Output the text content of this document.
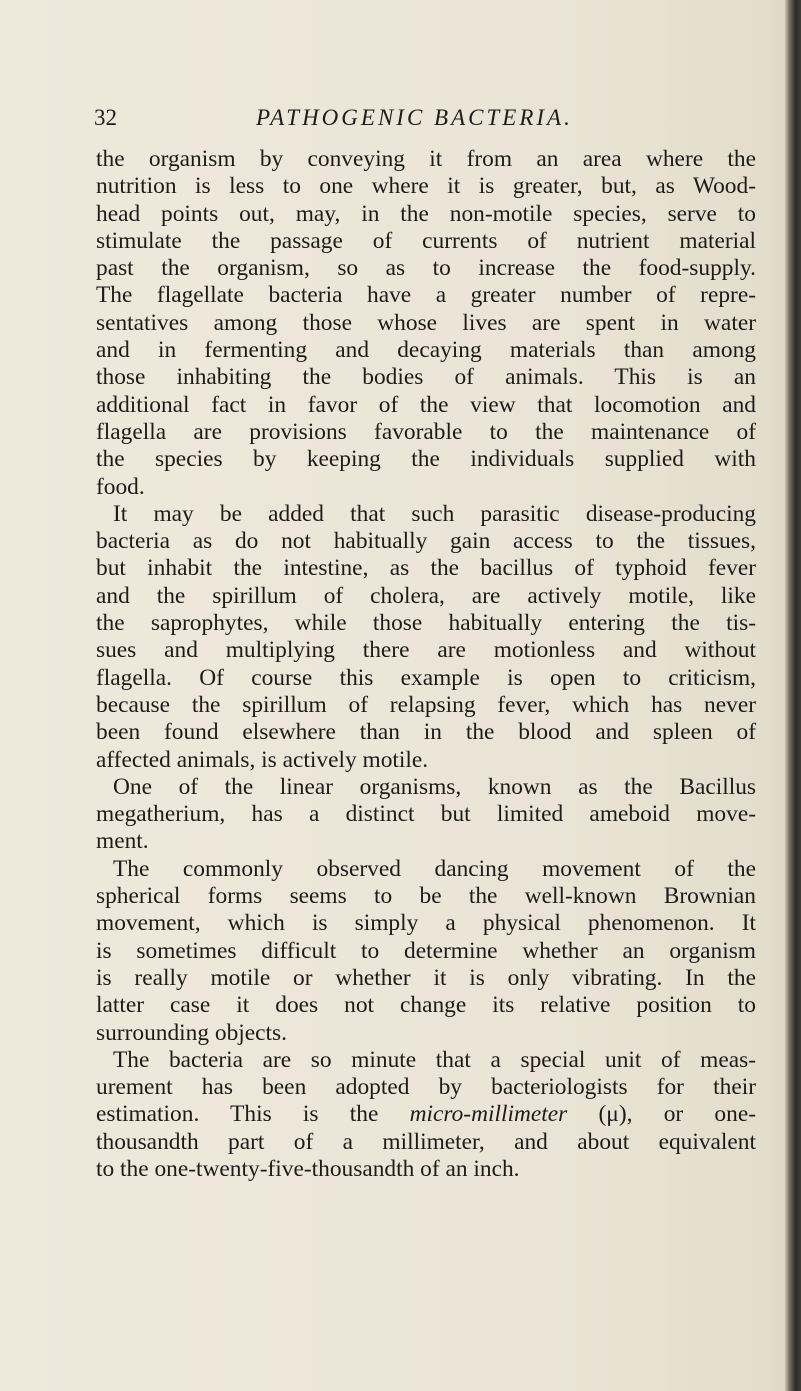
32	PATHOGENIC BACTERIA.
the organism by conveying it from an area where the
nutrition is less to one where it is greater, but, as Wood-
head points out, may, in the non-motile species, serve to
stimulate the passage of currents of nutrient material
past the organism, so as to increase the food-supply.
The flagellate bacteria have a greater number of repre-
sentatives among those whose lives are spent in water
and in fermenting and decaying materials than among
those inhabiting the bodies of animals. This is an
additional fact in favor of the view that locomotion and
flagella are provisions favorable to the maintenance of
the species by keeping the individuals supplied with
food.
It may be added that such parasitic disease-producing
bacteria as do not habitually gain access to the tissues,
but inhabit the intestine, as the bacillus of typhoid fever
and the spirillum of cholera, are actively motile, like
the saprophytes, while those habitually entering the tis-
sues and multiplying there are motionless and without
flagella. Of course this example is open to criticism,
because the spirillum of relapsing fever, which has never
been found elsewhere than in the blood and spleen of
affected animals, is actively motile.
One of the linear organisms, known as the Bacillus
megatherium, has a distinct but limited ameboid move-
ment.
The commonly observed dancing movement of the
spherical forms seems to be the well-known Brownian
movement, which is simply a physical phenomenon. It
is sometimes difficult to determine whether an organism
is really motile or whether it is only vibrating. In the
latter case it does not change its relative position to
surrounding objects.
The bacteria are so minute that a special unit of meas-
urement has been adopted by bacteriologists for their
estimation. This is the micro-millimeter (μ), or one-
thousandth part of a millimeter, and about equivalent
to the one-twenty-five-thousandth of an inch.
